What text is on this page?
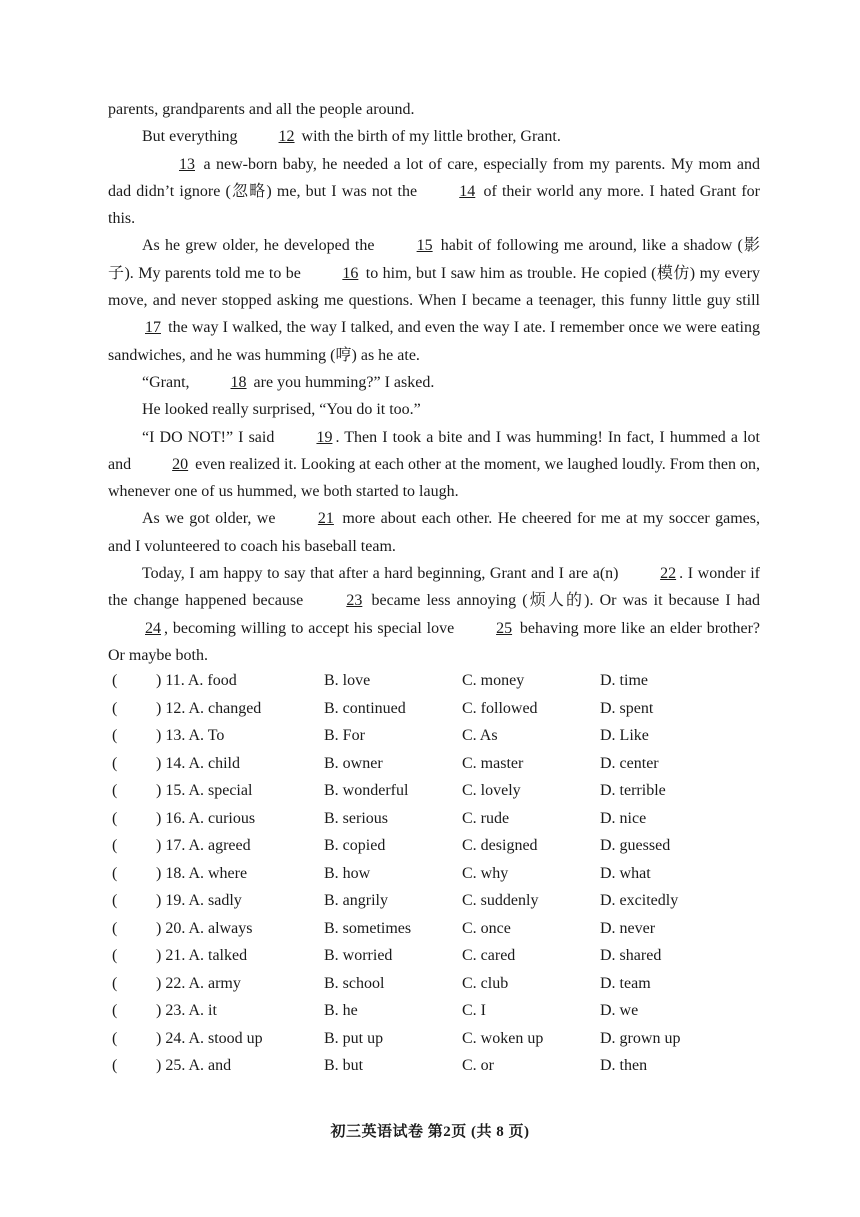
parents, grandparents and all the people around.

But everything 12 with the birth of my little brother, Grant.

13 a new-born baby, he needed a lot of care, especially from my parents. My mom and dad didn’t ignore (忽略) me, but I was not the 14 of their world any more. I hated Grant for this.

As he grew older, he developed the 15 habit of following me around, like a shadow (影子). My parents told me to be 16 to him, but I saw him as trouble. He copied (模仿) my every move, and never stopped asking me questions. When I became a teenager, this funny little guy still 17 the way I walked, the way I talked, and even the way I ate. I remember once we were eating sandwiches, and he was humming (哼) as he ate.

“Grant, 18 are you humming?” I asked.

He looked really surprised, “You do it too.”

“I DO NOT!” I said 19 . Then I took a bite and I was humming! In fact, I hummed a lot and 20 even realized it. Looking at each other at the moment, we laughed loudly. From then on, whenever one of us hummed, we both started to laugh.

As we got older, we 21 more about each other. He cheered for me at my soccer games, and I volunteered to coach his baseball team.

Today, I am happy to say that after a hard beginning, Grant and I are a(n) 22 . I wonder if the change happened because 23 became less annoying (烦人的). Or was it because I had 24 , becoming willing to accept his special love 25 behaving more like an elder brother? Or maybe both.

( ) 11. A. food	B. love	C. money	D. time
( ) 12. A. changed	B. continued	C. followed	D. spent
( ) 13. A. To	B. For	C. As	D. Like
( ) 14. A. child	B. owner	C. master	D. center
( ) 15. A. special	B. wonderful	C. lovely	D. terrible
( ) 16. A. curious	B. serious	C. rude	D. nice
( ) 17. A. agreed	B. copied	C. designed	D. guessed
( ) 18. A. where	B. how	C. why	D. what
( ) 19. A. sadly	B. angrily	C. suddenly	D. excitedly
( ) 20. A. always	B. sometimes	C. once	D. never
( ) 21. A. talked	B. worried	C. cared	D. shared
( ) 22. A. army	B. school	C. club	D. team
( ) 23. A. it	B. he	C. I	D. we
( ) 24. A. stood up	B. put up	C. woken up	D. grown up
( ) 25. A. and	B. but	C. or	D. then
初三英语试卷 第2页 (共 8 页)
